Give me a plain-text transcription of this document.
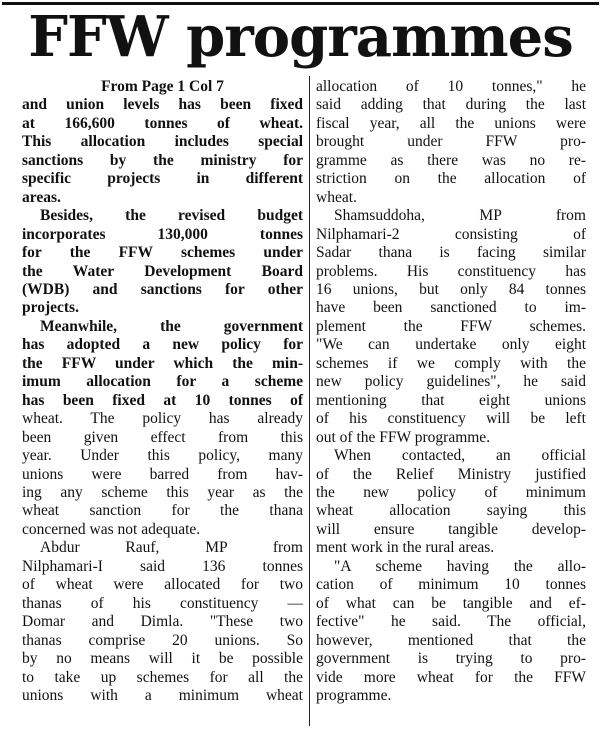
FFW programmes
From Page 1 Col 7
and union levels has been fixed
at 166,600 tonnes of wheat.
This allocation includes special
sanctions by the ministry for
specific projects in different
areas.
Besides, the revised budget
incorporates 130,000 tonnes
for the FFW schemes under
the Water Development Board
(WDB) and sanctions for other
projects.
Meanwhile, the government
has adopted a new policy for
the FFW under which the min-
imum allocation for a scheme
has been fixed at 10 tonnes of
wheat. The policy has already
been given effect from this
year. Under this policy, many
unions were barred from hav-
ing any scheme this year as the
wheat sanction for the thana
concerned was not adequate.
Abdur Rauf, MP from
Nilphamari-I said 136 tonnes
of wheat were allocated for two
thanas of his constituency —
Domar and Dimla. "These two
thanas comprise 20 unions. So
by no means will it be possible
to take up schemes for all the
unions with a minimum wheat
allocation of 10 tonnes," he
said adding that during the last
fiscal year, all the unions were
brought under FFW pro-
gramme as there was no re-
striction on the allocation of
wheat.
Shamsuddoha, MP from
Nilphamari-2 consisting of
Sadar thana is facing similar
problems. His constituency has
16 unions, but only 84 tonnes
have been sanctioned to im-
plement the FFW schemes.
"We can undertake only eight
schemes if we comply with the
new policy guidelines", he said
mentioning that eight unions
of his constituency will be left
out of the FFW programme.
When contacted, an official
of the Relief Ministry justified
the new policy of minimum
wheat allocation saying this
will ensure tangible develop-
ment work in the rural areas.
"A scheme having the allo-
cation of minimum 10 tonnes
of what can be tangible and ef-
fective" he said. The official,
however, mentioned that the
government is trying to pro-
vide more wheat for the FFW
programme.
